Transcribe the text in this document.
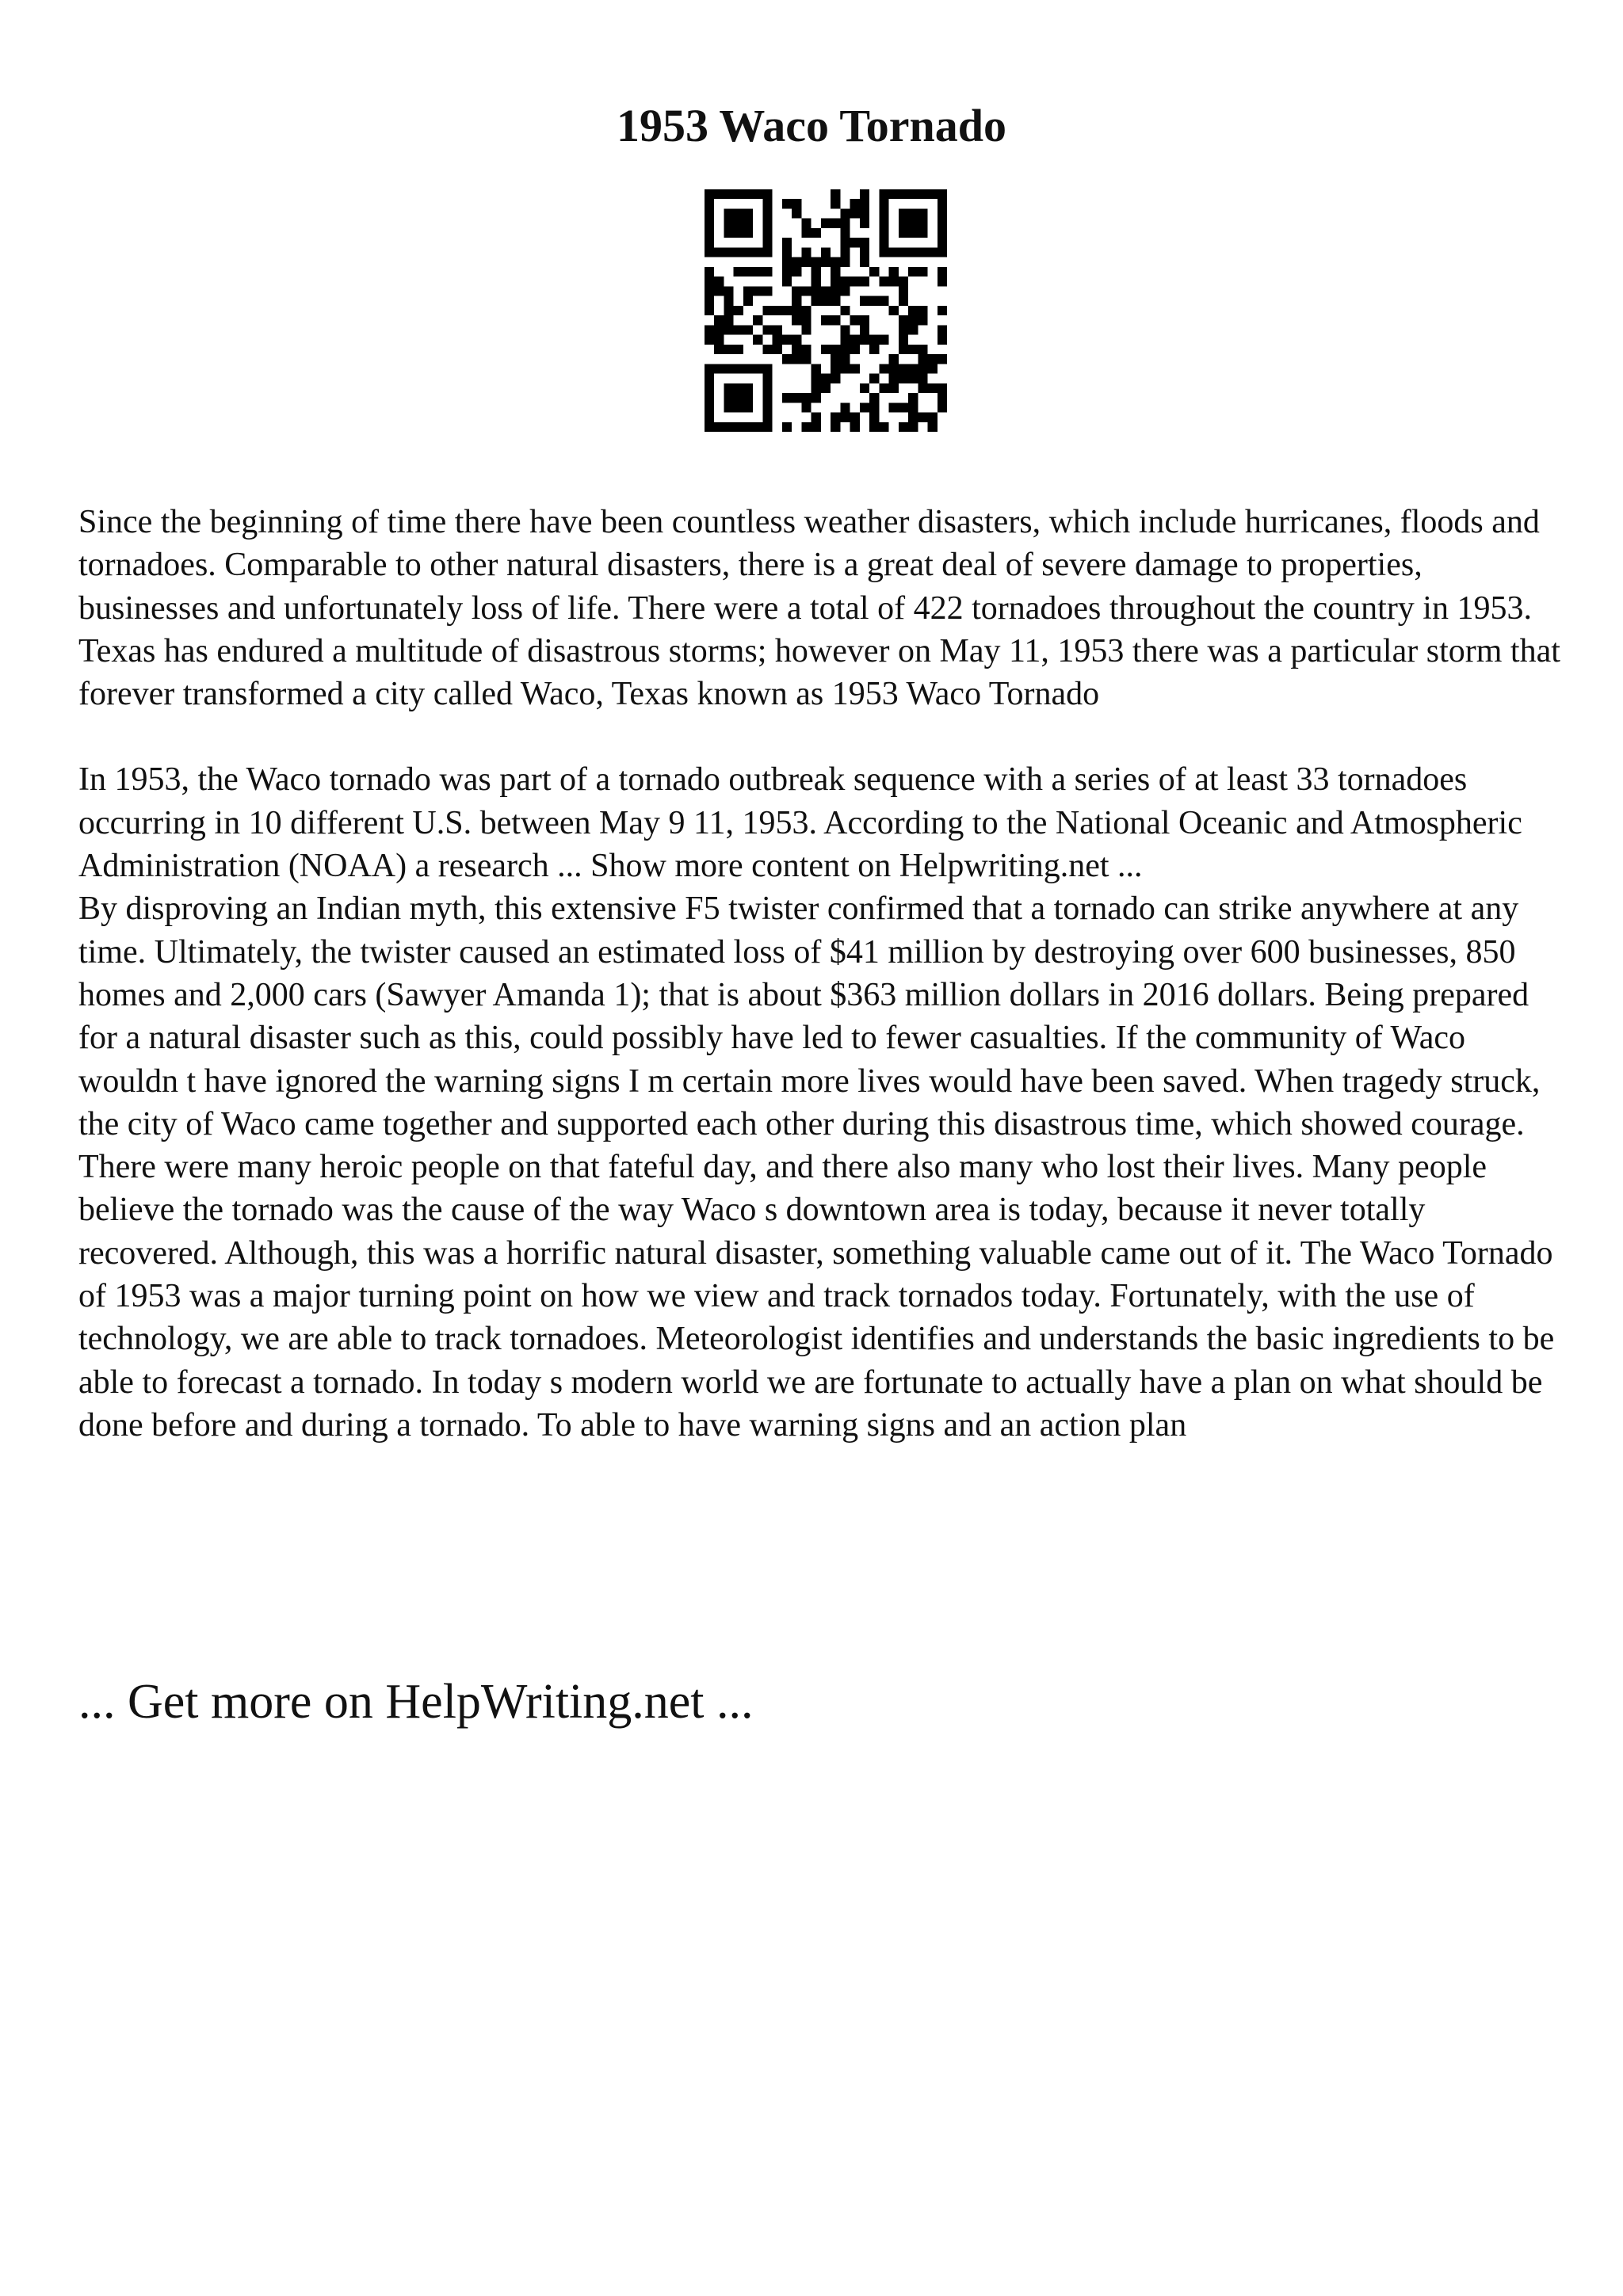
1953 Waco Tornado

Since the beginning of time there have been countless weather disasters, which include hurricanes, floods and tornadoes. Comparable to other natural disasters, there is a great deal of severe damage to properties, businesses and unfortunately loss of life. There were a total of 422 tornadoes throughout the country in 1953. Texas has endured a multitude of disastrous storms; however on May 11, 1953 there was a particular storm that forever transformed a city called Waco, Texas known as 1953 Waco Tornado

In 1953, the Waco tornado was part of a tornado outbreak sequence with a series of at least 33 tornadoes occurring in 10 different U.S. between May 9 11, 1953. According to the National Oceanic and Atmospheric Administration (NOAA) a research ... Show more content on Helpwriting.net ...

By disproving an Indian myth, this extensive F5 twister confirmed that a tornado can strike anywhere at any time. Ultimately, the twister caused an estimated loss of $41 million by destroying over 600 businesses, 850 homes and 2,000 cars (Sawyer Amanda 1); that is about $363 million dollars in 2016 dollars. Being prepared for a natural disaster such as this, could possibly have led to fewer casualties. If the community of Waco wouldn t have ignored the warning signs I m certain more lives would have been saved. When tragedy struck, the city of Waco came together and supported each other during this disastrous time, which showed courage. There were many heroic people on that fateful day, and there also many who lost their lives. Many people believe the tornado was the cause of the way Waco s downtown area is today, because it never totally recovered. Although, this was a horrific natural disaster, something valuable came out of it. The Waco Tornado of 1953 was a major turning point on how we view and track tornados today. Fortunately, with the use of technology, we are able to track tornadoes. Meteorologist identifies and understands the basic ingredients to be able to forecast a tornado. In today s modern world we are fortunate to actually have a plan on what should be done before and during a tornado. To able to have warning signs and an action plan

... Get more on HelpWriting.net ...
